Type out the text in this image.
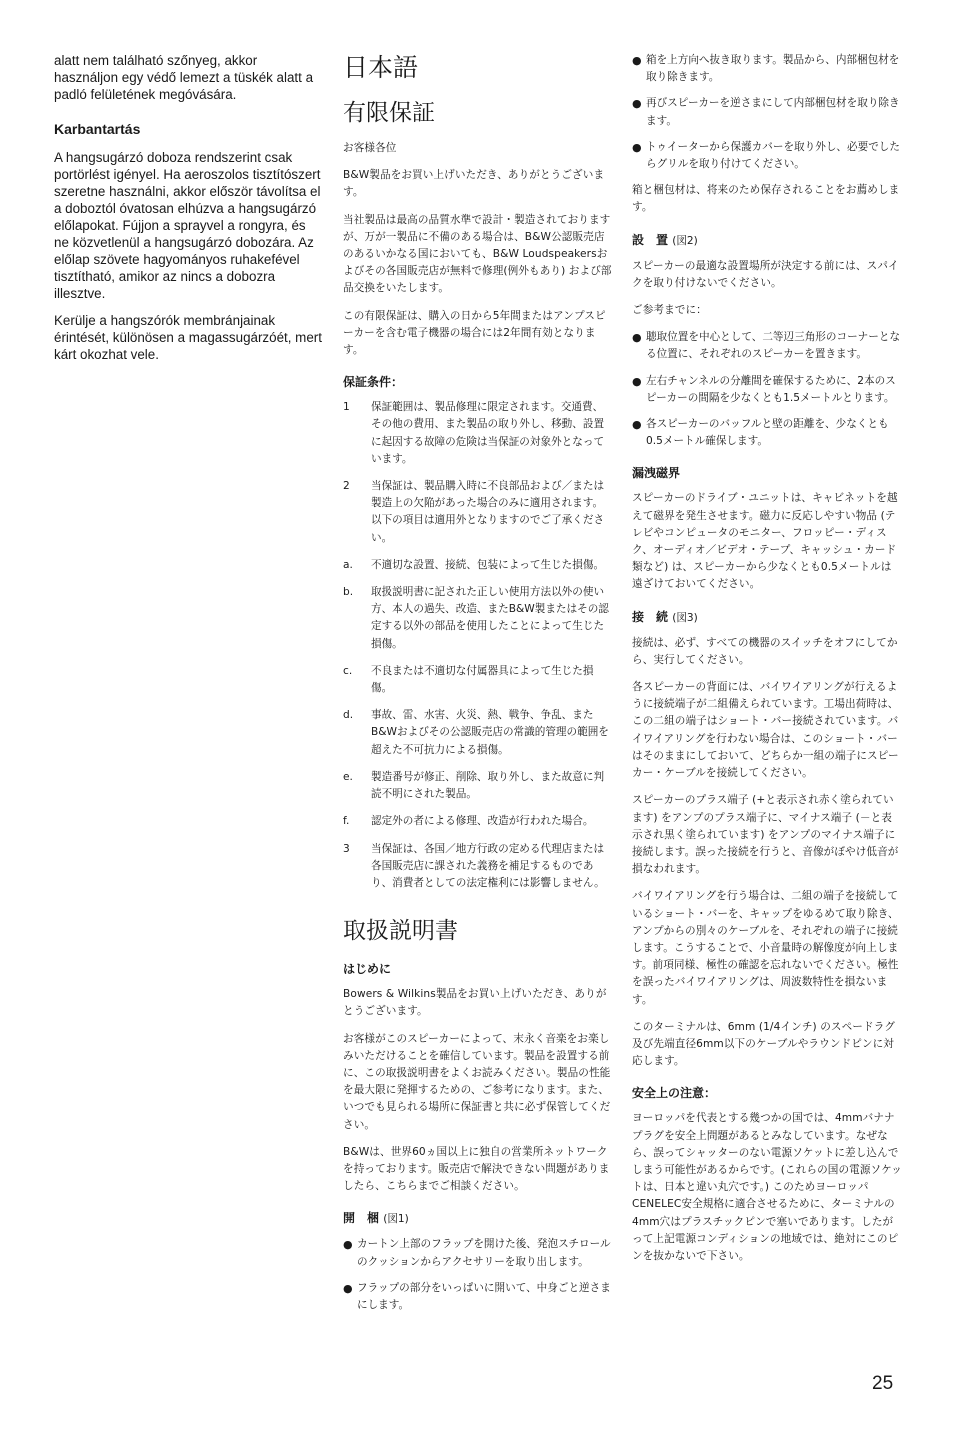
alatt nem található szőnyeg, akkor használjon egy védő lemezt a tüskék alatt a padló felületének megóvására.

Karbantartás

A hangsugárzó doboza rendszerint csak portörlést igényel. Ha aeroszolos tisztítószert szeretne használni, akkor először távolítsa el a doboztól óvatosan elhúzva a hangsugárzó előlapokat. Fújjon a sprayvel a rongyra, és ne közvetlenül a hangsugárzó dobozára. Az előlap szövete hagyományos ruhakefével tisztítható, amikor az nincs a dobozra illesztve.

Kerülje a hangszórók membránjainak érintését, különösen a magassugárzóét, mert kárt okozhat vele.

日本語
有限保証

お客様各位

B&W製品をお買い上げいただき、ありがとうございます。

当社製品は最高の品質水準で設計・製造されておりますが、万が一製品に不備のある場合は、B&W公認販売店のあるいかなる国においても、B&W Loudspeakersおよびその各国販売店が無料で修理(例外もあり) および部品交換をいたします。

この有限保証は、購入の日から5年間またはアンプスピーカーを含む電子機器の場合には2年間有効となります。

保証条件：
1	保証範囲は、製品修理に限定されます。交通費、その他の費用、また製品の取り外し、移動、設置に起因する故障の危険は当保証の対象外となっています。
2	当保証は、製品購入時に不良部品および／または製造上の欠陥があった場合のみに適用されます。以下の項目は適用外となりますのでご了承ください。
a.	不適切な設置、接続、包装によって生じた損傷。
b.	取扱説明書に記された正しい使用方法以外の使い方、本人の過失、改造、またB&W製またはその認定する以外の部品を使用したことによって生じた損傷。
c.	不良または不適切な付属器具によって生じた損傷。
d.	事故、雷、水害、火災、熱、戦争、争乱、またB&Wおよびその公認販売店の常識的管理の範囲を超えた不可抗力による損傷。
e.	製造番号が修正、削除、取り外し、また故意に判読不明にされた製品。
f.	認定外の者による修理、改造が行われた場合。
3	当保証は、各国／地方行政の定める代理店または各国販売店に課された義務を補足するものであり、消費者としての法定権利には影響しません。
取扱説明書
はじめに

Bowers & Wilkins製品をお買い上げいただき、ありがとうございます。

お客様がこのスピーカーによって、末永く音楽をお楽しみいただけることを確信しています。製品を設置する前に、この取扱説明書をよくお読みください。製品の性能を最大限に発揮するための、ご参考になります。また、いつでも見られる場所に保証書と共に必ず保管してください。

B&Wは、世界60ヵ国以上に独自の営業所ネットワークを持っております。販売店で解決できない問題がありましたら、こちらまでご相談ください。

開　梱 (図1)
● カートン上部のフラップを開けた後、発泡スチロールのクッションからアクセサリーを取り出します。
● フラップの部分をいっぱいに開いて、中身ごと逆さまにします。
● 箱を上方向へ抜き取ります。製品から、内部梱包材を取り除きます。
● 再びスピーカーを逆さまにして内部梱包材を取り除きます。
● トゥイーターから保護カバーを取り外し、必要でしたらグリルを取り付けてください。

箱と梱包材は、将来のため保存されることをお薦めします。

設　置 (図2)

スピーカーの最適な設置場所が決定する前には、スパイクを取り付けないでください。

ご参考までに：

● 聴取位置を中心として、二等辺三角形のコーナーとなる位置に、それぞれのスピーカーを置きます。
● 左右チャンネルの分離間を確保するために、2本のスピーカーの間隔を少なくとも1.5メートルとります。
● 各スピーカーのバッフルと壁の距離を、少なくとも0.5メートル確保します。
漏洩磁界

スピーカーのドライブ・ユニットは、キャビネットを越えて磁界を発生させます。磁力に反応しやすい物品 (テレビやコンピュータのモニター、フロッピー・ディスク、オーディオ／ビデオ・テープ、キャッシュ・カード類など) は、スピーカーから少なくとも0.5メートルは遠ざけておいてください。

接　続 (図3)

接続は、必ず、すべての機器のスイッチをオフにしてから、実行してください。

各スピーカーの背面には、バイワイアリングが行えるように接続端子が二組備えられています。工場出荷時は、この二組の端子はショート・バー接続されています。バイワイアリングを行わない場合は、このショート・バーはそのままにしておいて、どちらか一組の端子にスピーカー・ケーブルを接続してください。

スピーカーのプラス端子 (+と表示され赤く塗られています) をアンプのプラス端子に、マイナス端子 (－と表示され黒く塗られています) をアンプのマイナス端子に接続します。誤った接続を行うと、音像がぼやけ低音が損なわれます。

バイワイアリングを行う場合は、二組の端子を接続しているショート・バーを、キャップをゆるめて取り除き、アンプからの別々のケーブルを、それぞれの端子に接続します。こうすることで、小音量時の解像度が向上します。前項同様、極性の確認を忘れないでください。極性を誤ったバイワイアリングは、周波数特性を損ないます。

このターミナルは、6mm (1/4インチ) のスペードラグ及び先端直径6mm以下のケーブルやラウンドピンに対応します。

安全上の注意：

ヨーロッパを代表とする幾つかの国では、4mmバナナプラグを安全上問題があるとみなしています。なぜなら、誤ってシャッターのない電源ソケットに差し込んでしまう可能性があるからです。(これらの国の電源ソケットは、日本と違い丸穴です。) このためヨーロッパCENELEC安全規格に適合させるために、ターミナルの4mm穴はプラスチックピンで塞いであります。したがって上記電源コンディションの地域では、絶対にこのピンを抜かないで下さい。

25
